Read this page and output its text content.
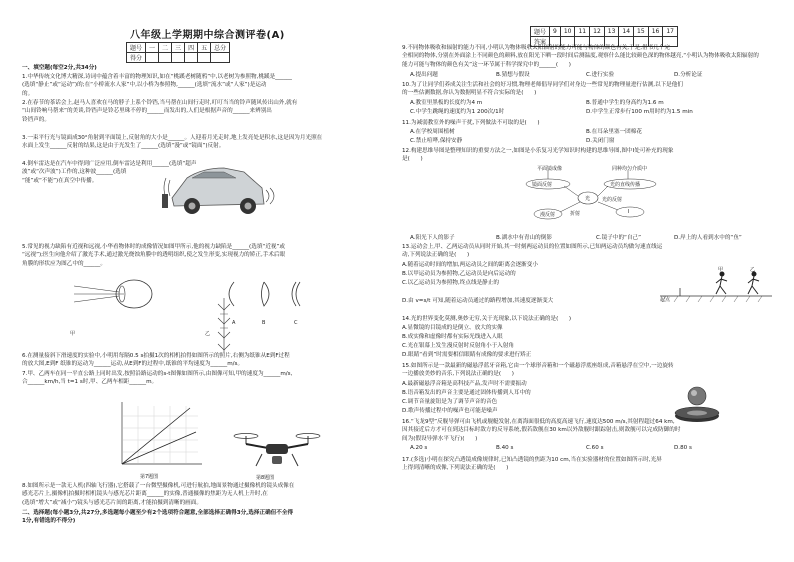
八年级上学期期中综合测评卷(A)
题号	一	二	三	四	五	总分
得分						
一、填空题(每空2分,共34分)
1.中华传统文化博大精深,诗词中蕴含着丰富的物理知识,如在“桃蹊老树随鸦”中,以老树为参照物,桃蹊是______
(选填“静止”或“运动”)的;在“小桥流水人家”中,以小桥为参照物,______(选填“流水”或“人家”)是运动
的。
2.在春节的茶话会上,赵马人喜欢在马的脖子上系个铃铛,当马帮在山间行走时,叮叮当当的铃声随风传出山外,就有
“山间铃响马帮来”的美谈,铃铛声是铃芯里珠不停的______而发出的,人们是根据声音的______来辨别出
铃铛声的。
3.一束平行光与镜面成30°角射到平面镜上,反射角的大小是______。人迎着月光走时,地上发亮处是积水,这是因为月光照在
水面上发生______反射的结果,这是由于光发生了______(选填“漫”或“镜面”)反射。
4.倒车雷达是在汽车中得到广泛应用,倒车雷达是利用______(选填“超声波”或“次声波”)工作的,这种波______(选填
“能”或“不能”)在真空中传播。
5.常见的视力缺陷有近视和远视,小华看物体时的成像情况如图甲所示,他的视力缺陷是______(选填“近视”或
“远视”);医生向他介绍了激光手术,通过激光烧蚀角膜中的透明组织,使之发生形变,实现视力的矫正,手术后眼
角膜的形状应为图乙中的______。
甲	乙
A	B	C
6.在测量接斜下滑速度的实验中,小明用每隔0.5 s拍摄1次的相机拍得如图所示的照片,右侧为纸锥从E到F过程
的放大图,E到F 纸锥的运动为______运动,从E到F的过程中,纸锥的平均速度为______m/s。
7.甲、乙两车在同一平直公路上同时出发,按照沿路运动的s-t图像如图所示,由图像可知,甲的速度为______m/s,
合______km/h,当 t=1 s时,甲、乙两车相距______m。
第7题图	第8题图
8.如图所示是一款无人机(四轴飞行器),它搭载了一台微型摄像机,可进行航拍,地面景物通过摄像机的镜头成像在
感光芯片上,摄像机拍摄时相机镜头与感光芯片距离______的实像,普通摄像的焦距为无人机上升时,在
(选填“增大”或“减小”)镜头与感光芯片间的距离,才能拍摄到清晰的画面。
二、选择题(每小题3分,共27分,多选题每小题至少有2个选项符合题意,全部选择正确得3分,选择正确但不全得
1分,有错选的不得分)
题号	9	10	11	12	13	14	15	16	17
答案									
9.不同物体吸收和辐射的能力不同,小明认为物体吸收太阳辐射的能力可能与物体的颜色有关,于是,借书几个完
全相同的物体,分别在外面涂上不同颜色的颜料,放在阳光下晒一段时间后测温度,观察什么能比较颜色深的物体越亮,“小明认为物体吸收太阳辐射的
能力可能与物体的颜色有关”这一环节属于科学探究中的______(      )
A.提出问题	B.猜想与假设	C.进行实验	D.分析论证
10.为了让同学们养成关注生活和社会的好习惯,物理老师倡导同学们对身边一些常见的物理量进行估测,以下是他们
的一些估测数据,你认为数据明显不符合实际的是(      )
A.教室里黑板的长度约为4 m	B.普通中学生的身高约为1.6 m
C.中学生跳绳的速度约为1 200次/1时	D.中学生正常步行100 m用时约为1.5 min
11.为减弱教室外的噪声干扰,下列做法不可取的是(      )
A.在学校周围植树	B.在耳朵里塞一团棉花
C.禁止喧哗,保持安静	D.关闭门窗
12.构建思维导图是整理知识的重要方法之一,如图是小乐复习光学知识时构建的思维导图,图中Ⅰ处可补充的现象
是(      )
光
平面镜成像
镜面反射
漫反射	折射
同种均匀介质中
Ⅰ
光的直线传播
光的反射
A.阳光下人的影子	B.湖水中有青山的倒影	C.镜子中的“自己”	D.岸上的人看到水中的“鱼”
13.运动会上,甲、乙两运动员从同时开始,其一时刻两运动员的位置如图所示,已知两运动员均做匀速直线运
动,下列说法正确的是(      )
A.随着运动时间的增加,两运动员之间的距离会逐渐变小
B.以甲运动员为参照物,乙运动员是向后运动的
C.以乙运动员为参照物,终点线是静止的
D.由 v=s/t 可知,随着运动员通过的路程增加,其速度逐渐变大
甲	乙
起点
14.光的世界变化莫测,奥妙无穷,关于光现象,以下说法正确的是(      )
A.显微镜的目镜成的是倒立、放大的实像
B.成实像和虚像时都有实际光线进入人眼
C.光在银幕上发生漫反射时反射角小于入射角
D.眼睛“看到”时需要相信眼睛有成像的要求进行矫正
15.如图所示是一款最新的磁悬浮蓝牙音箱,它由一个球形音箱和一个磁悬浮底座组成,音箱悬浮在空中,一边旋转
一边播放美妙的音乐,下列说法正确的是(      )
A.最新磁悬浮音箱是高科技产品,发声时不需要振动
B.语音箱发出的声音主要是通过固体传播到人耳中的
C.调节音量旋钮是为了调节声音的音色
D.歌声传播过程中的噪声也可能是噪声
16.“飞龙9型”反舰导弹可由飞机或舰艇发射,在离海面很低的高度高速飞行,速度达500 m/s,其射程超过64 km,
因其接近后方才可在到达目标时敌方的反导系统,假若敌舰在30 km以外敌舰时跟踪射击,则敌舰可以完成防御的时
间为(假设导弹水平飞行)(      )
A.20 s	B.40 s	C.60 s	D.80 s
17.(多选)小明在探究凸透镜成像规律时,已知凸透镜的焦距为10 cm,当在实验器材的位置如图所示时,光屏
上得到清晰的成像,下列说法正确的是(      )
